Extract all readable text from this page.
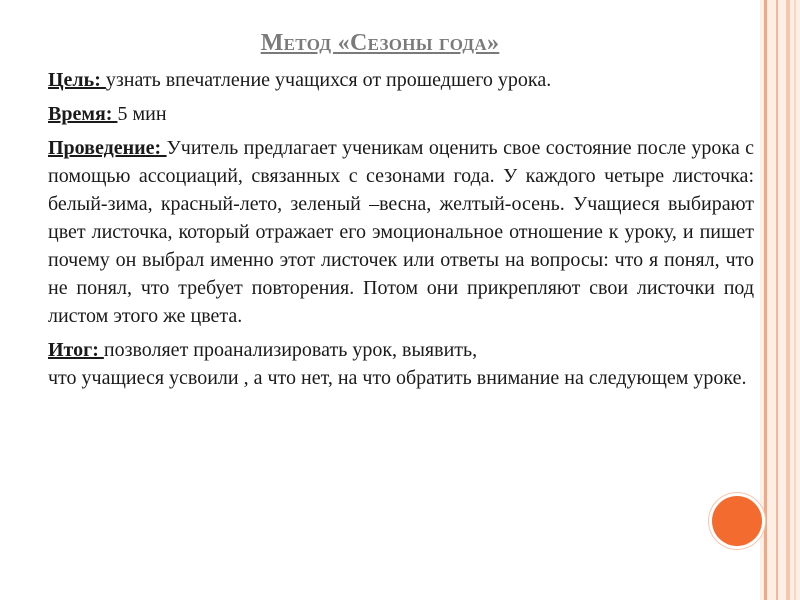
Метод «Сезоны года»

Цель: узнать впечатление учащихся от прошедшего урока.

Время: 5 мин

Проведение: Учитель предлагает ученикам оценить свое состояние после урока с помощью ассоциаций, связанных с сезонами года. У каждого четыре листочка: белый-зима, красный-лето, зеленый –весна, желтый-осень. Учащиеся выбирают цвет листочка, который отражает его эмоциональное отношение к уроку, и пишет почему он выбрал именно этот листочек или ответы на вопросы: что я понял, что не понял, что требует повторения. Потом они прикрепляют свои листочки под листом этого же цвета.

Итог: позволяет проанализировать урок, выявить,
что учащиеся усвоили , а что нет, на что обратить внимание на следующем уроке.
